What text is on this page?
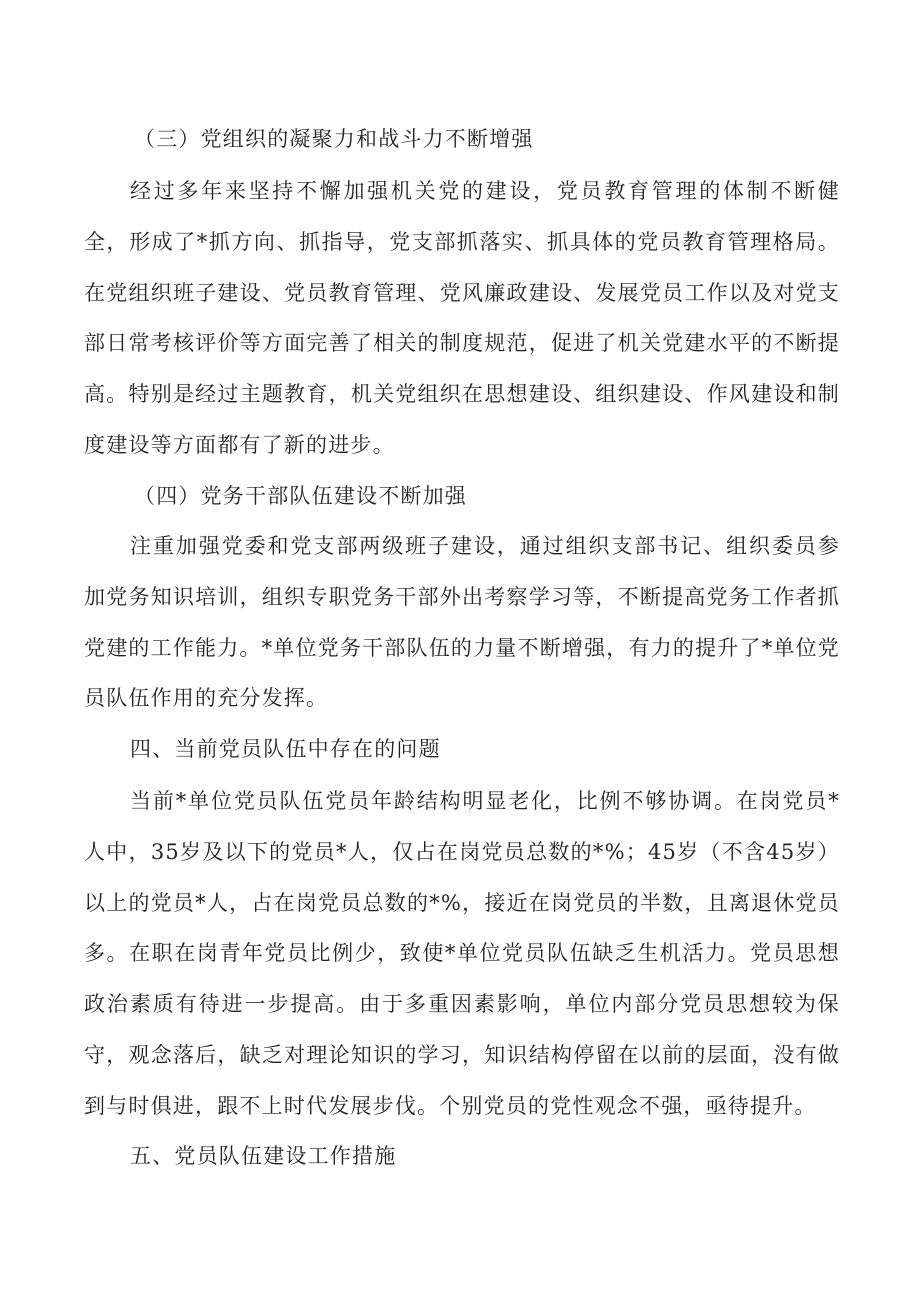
（三）党组织的凝聚力和战斗力不断增强

经过多年来坚持不懈加强机关党的建设，党员教育管理的体制不断健全，形成了*抓方向、抓指导，党支部抓落实、抓具体的党员教育管理格局。在党组织班子建设、党员教育管理、党风廉政建设、发展党员工作以及对党支部日常考核评价等方面完善了相关的制度规范，促进了机关党建水平的不断提高。特别是经过主题教育，机关党组织在思想建设、组织建设、作风建设和制度建设等方面都有了新的进步。

（四）党务干部队伍建设不断加强

注重加强党委和党支部两级班子建设，通过组织支部书记、组织委员参加党务知识培训，组织专职党务干部外出考察学习等，不断提高党务工作者抓党建的工作能力。*单位党务干部队伍的力量不断增强，有力的提升了*单位党员队伍作用的充分发挥。

四、当前党员队伍中存在的问题

当前*单位党员队伍党员年龄结构明显老化，比例不够协调。在岗党员*人中，35岁及以下的党员*人，仅占在岗党员总数的*%；45岁（不含45岁）以上的党员*人，占在岗党员总数的*%，接近在岗党员的半数，且离退休党员多。在职在岗青年党员比例少，致使*单位党员队伍缺乏生机活力。党员思想政治素质有待进一步提高。由于多重因素影响，单位内部分党员思想较为保守，观念落后，缺乏对理论知识的学习，知识结构停留在以前的层面，没有做到与时俱进，跟不上时代发展步伐。个别党员的党性观念不强，亟待提升。

五、党员队伍建设工作措施
